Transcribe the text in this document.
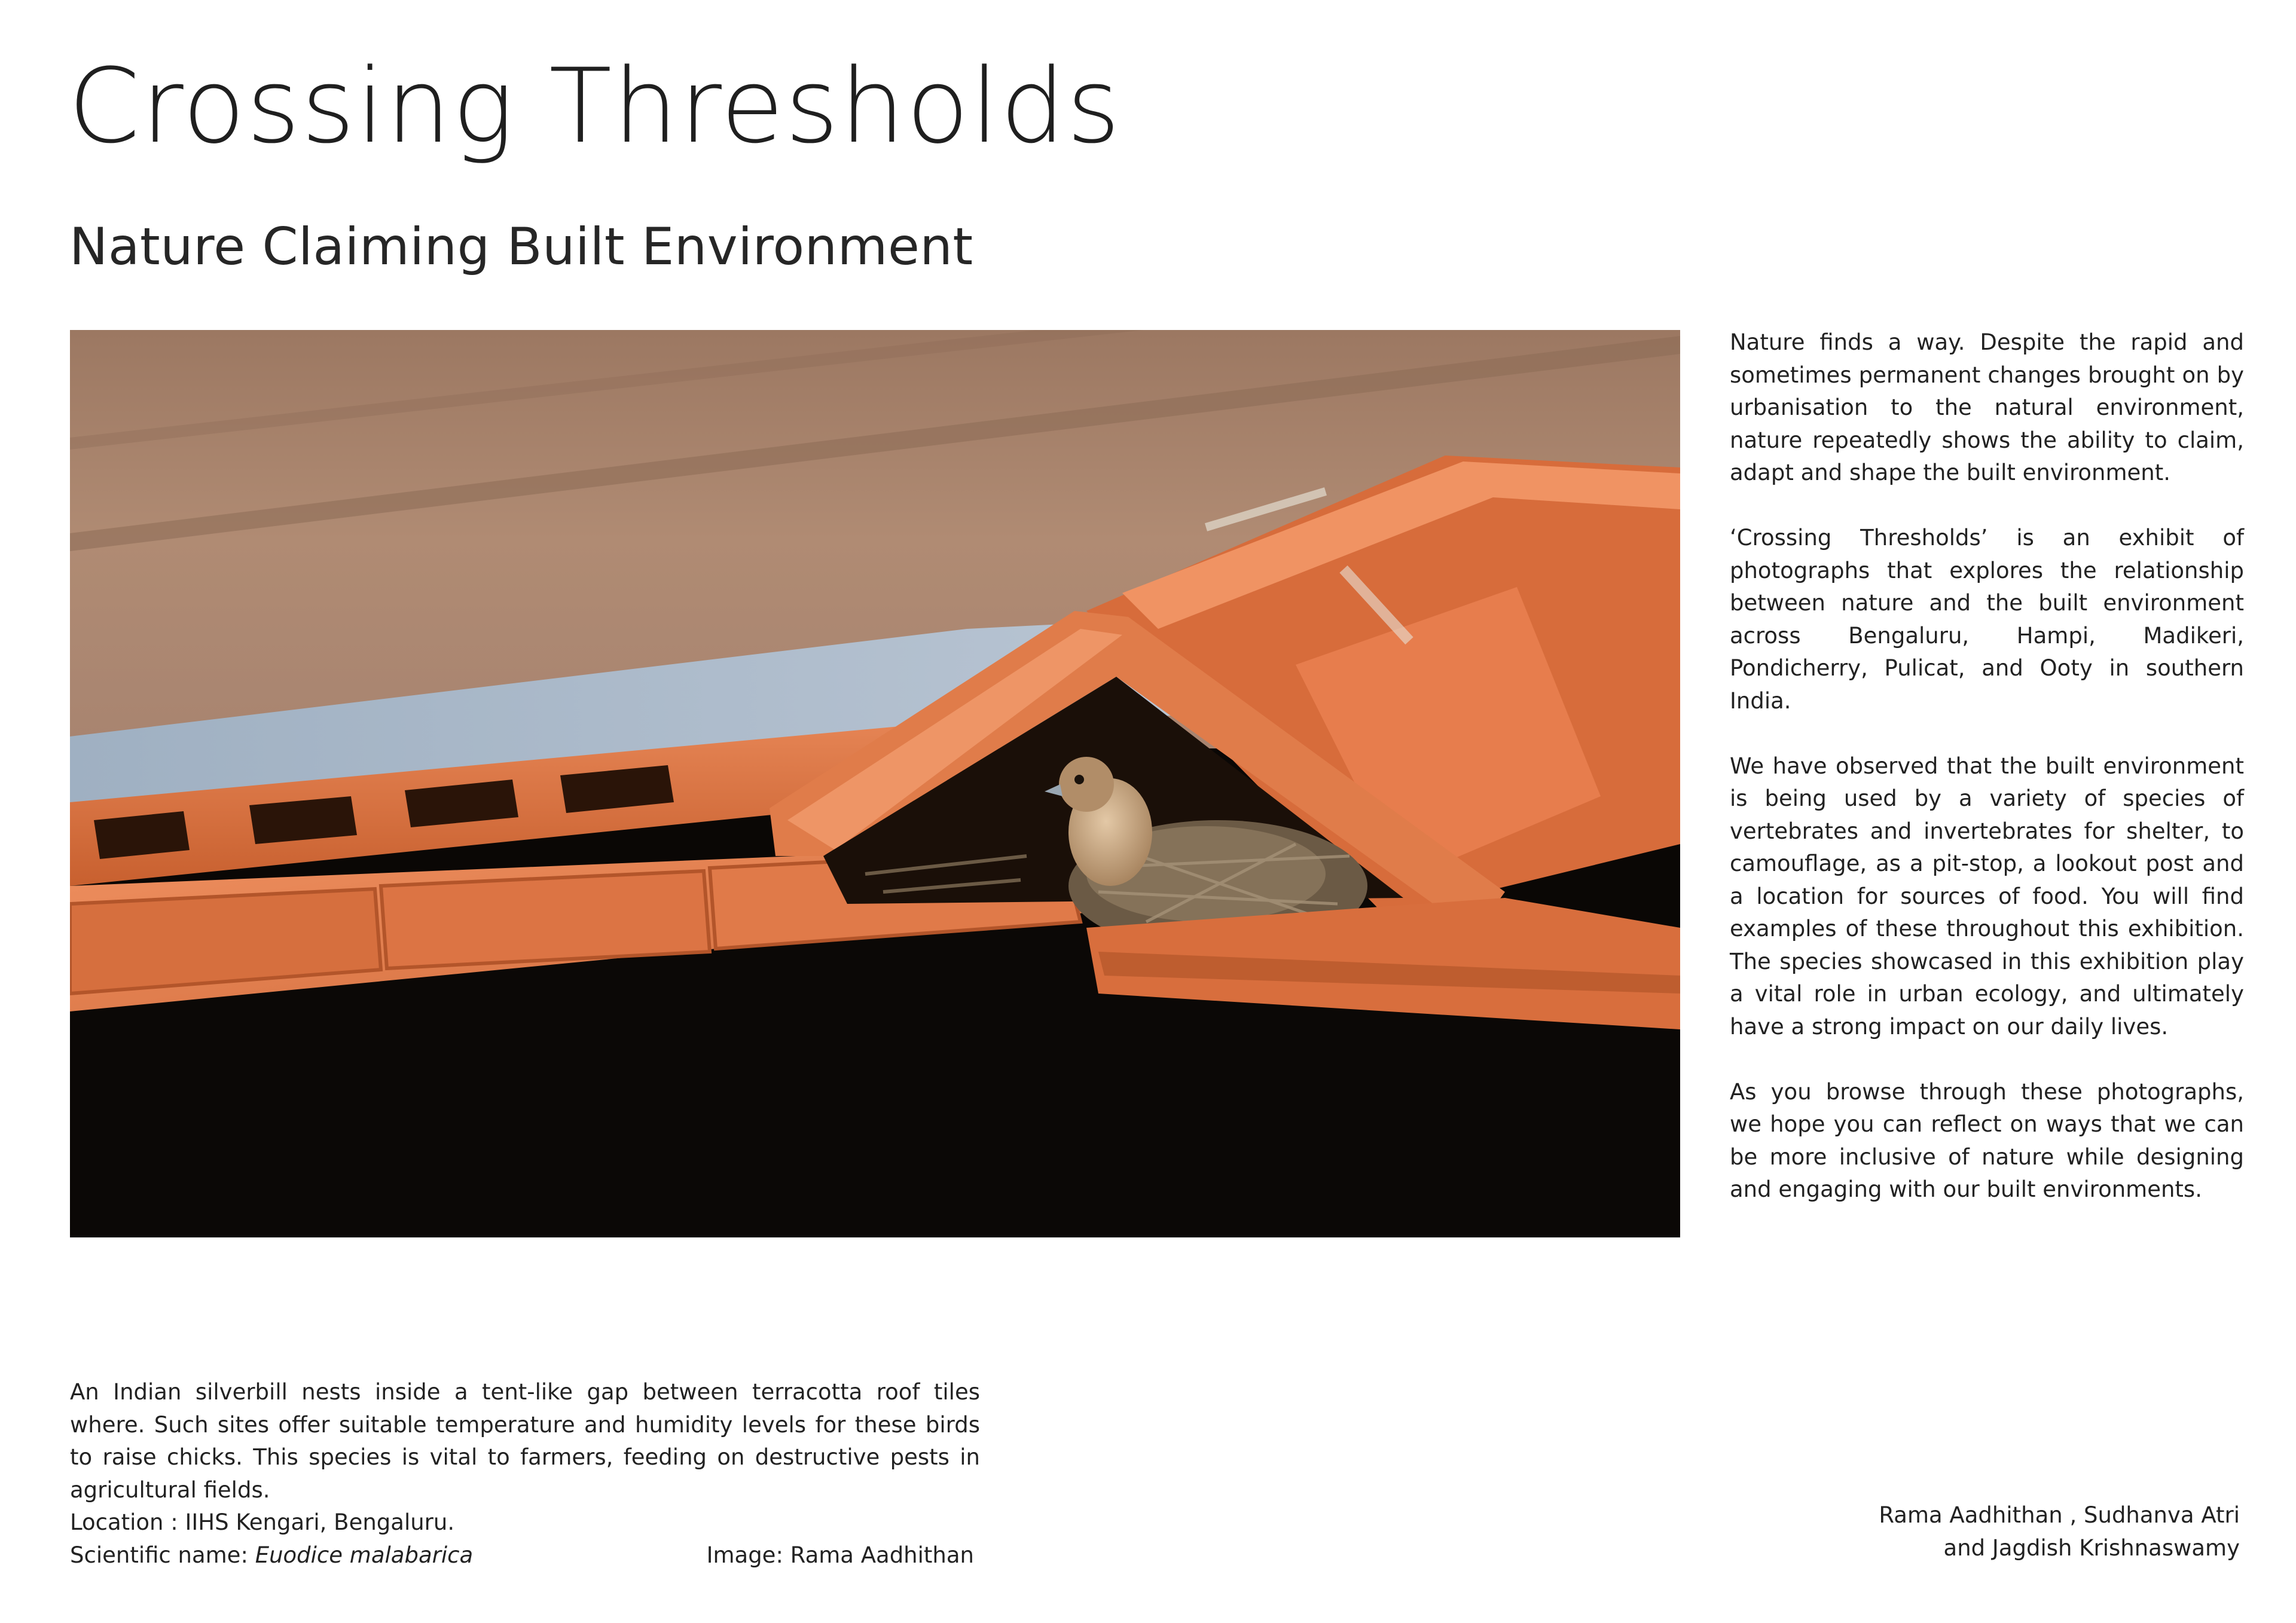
Crossing Thresholds
Nature Claiming Built Environment

Nature finds a way. Despite the rapid and sometimes permanent changes brought on by urbanisation to the natural environment, nature repeatedly shows the ability to claim, adapt and shape the built environment.

‘Crossing Thresholds’ is an exhibit of photographs that explores the relationship between nature and the built environment across Bengaluru, Hampi, Madikeri, Pondicherry, Pulicat, and Ooty in southern India.

We have observed that the built environment is being used by a variety of species of vertebrates and invertebrates for shelter, to camouflage, as a pit-stop, a lookout post and a location for sources of food. You will find examples of these throughout this exhibition. The species showcased in this exhibition play a vital role in urban ecology, and ultimately have a strong impact on our daily lives.

As you browse through these photographs, we hope you can reflect on ways that we can be more inclusive of nature while designing and engaging with our built environments.

An Indian silverbill nests inside a tent-like gap between terracotta roof tiles where. Such sites offer suitable temperature and humidity levels for these birds to raise chicks. This species is vital to farmers, feeding on destructive pests in agricultural fields.

Location : IIHS Kengari, Bengaluru.
Scientific name: Euodice malabarica	Image: Rama Aadhithan
Rama Aadhithan , Sudhanva Atri
and Jagdish Krishnaswamy
